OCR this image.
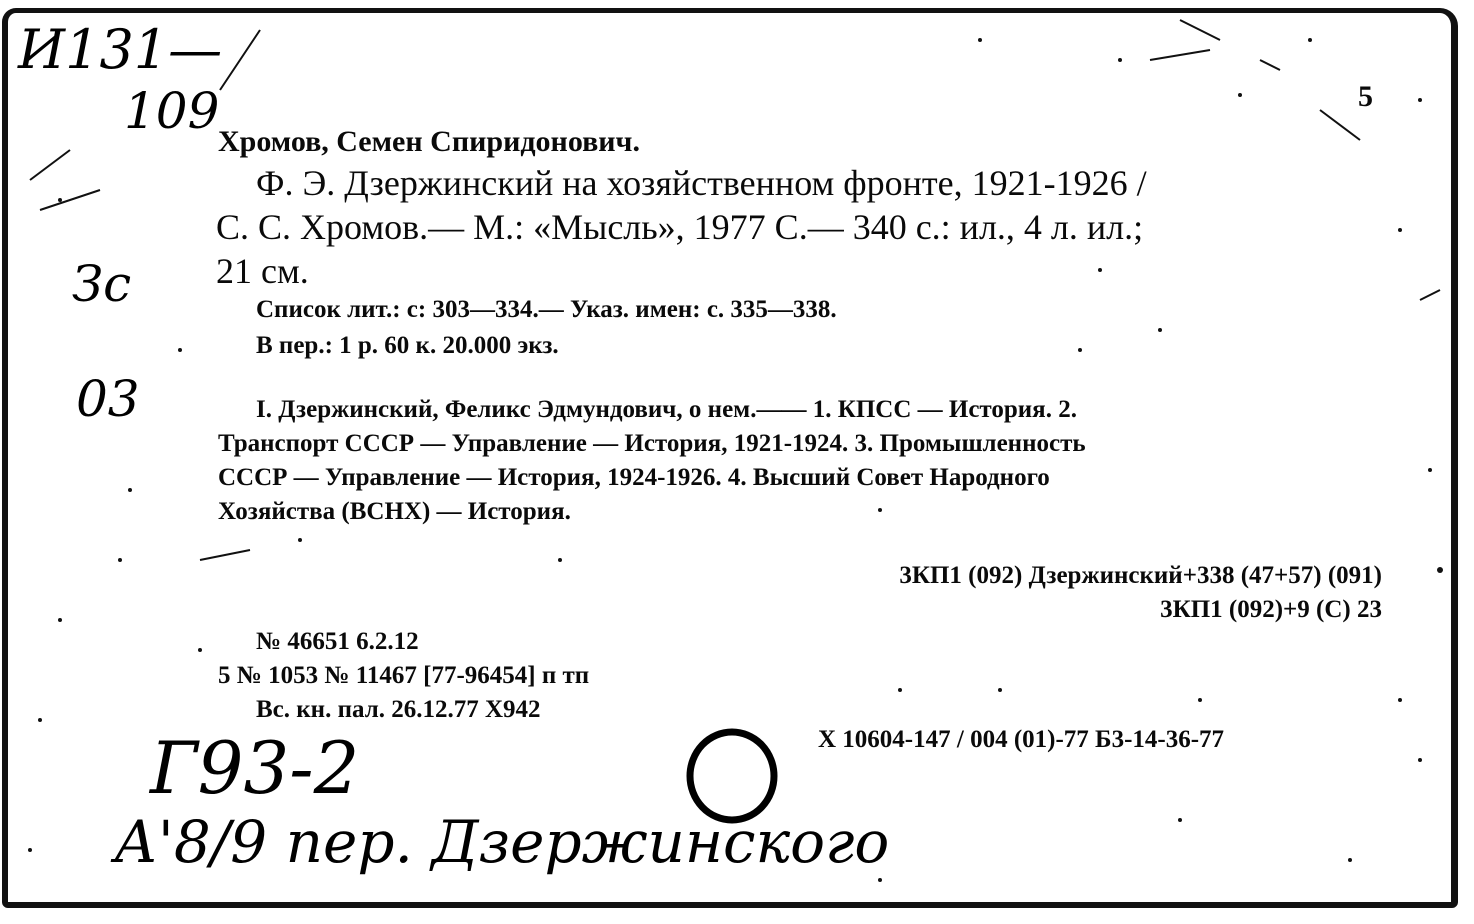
5
Хромов, Семен Спиридонович.
Ф. Э. Дзержинский на хозяйственном фронте, 1921-1926 /
С. С. Хромов.— М.: «Мысль», 1977 С.— 340 с.: ил., 4 л. ил.;
21 см.
Список лит.: с: 303—334.— Указ. имен: с. 335—338.
В пер.: 1 р. 60 к. 20.000 экз.
I. Дзержинский, Феликс Эдмундович, о нем.—— 1. КПСС — История. 2.
Транспорт СССР — Управление — История, 1921-1924. 3. Промышленность
СССР — Управление — История, 1924-1926. 4. Высший Совет Народного
Хозяйства (ВСНХ) — История.
3КП1 (092) Дзержинский+338 (47+57) (091)
3КП1 (092)+9 (С) 23
№ 46651 6.2.12
5 № 1053 № 11467 [77-96454] п тп
Вс. кн. пал. 26.12.77 Х942
Х 10604-147 / 004 (01)-77 Б3-14-36-77
И131—
109
Зс
03
Г93-2
А'8/9 пер. Дзержинского
